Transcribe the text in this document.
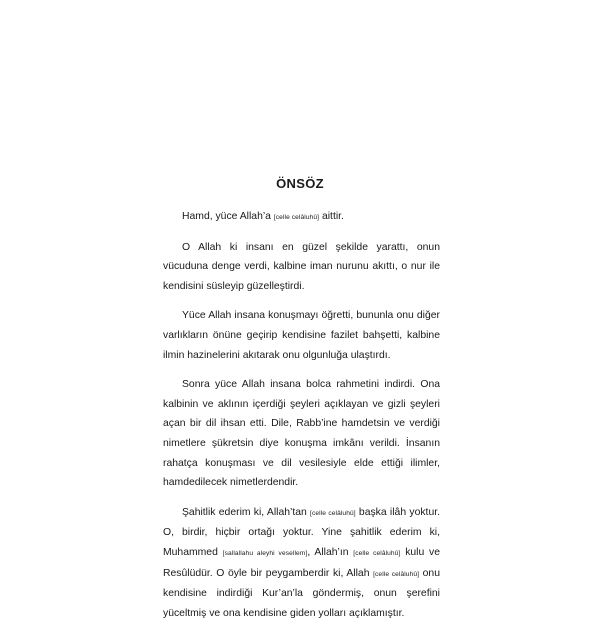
ÖNSÖZ

Hamd, yüce Allah’a [celle celâluhû] aittir.

O Allah ki insanı en güzel şekilde yarattı, onun vücuduna denge verdi, kalbine iman nurunu akıttı, o nur ile kendisini süsleyip güzelleştirdi.

Yüce Allah insana konuşmayı öğretti, bununla onu diğer varlıkların önüne geçirip kendisine fazilet bahşetti, kalbine ilmin hazinelerini akıtarak onu olgunluğa ulaştırdı.

Sonra yüce Allah insana bolca rahmetini indirdi. Ona kalbinin ve aklının içerdiği şeyleri açıklayan ve gizli şeyleri açan bir dil ihsan etti. Dile, Rabb’ine hamdetsin ve verdiği nimetlere şükretsin diye konuşma imkânı verildi. İnsanın rahatça konuşması ve dil vesilesiyle elde ettiği ilimler, hamdedilecek nimetlerdendir.

Şahitlik ederim ki, Allah’tan [celle celâluhû] başka ilâh yoktur. O, birdir, hiçbir ortağı yoktur. Yine şahitlik ederim ki, Muhammed [sallallahu aleyhi vesellem], Allah’ın [celle celâluhû] kulu ve Resûlüdür. O öyle bir peygamberdir ki, Allah [celle celâluhû] onu kendisine indirdiği Kur’an’la göndermiş, onun şerefini yüceltmiş ve ona kendisine giden yolları açıklamıştır.
